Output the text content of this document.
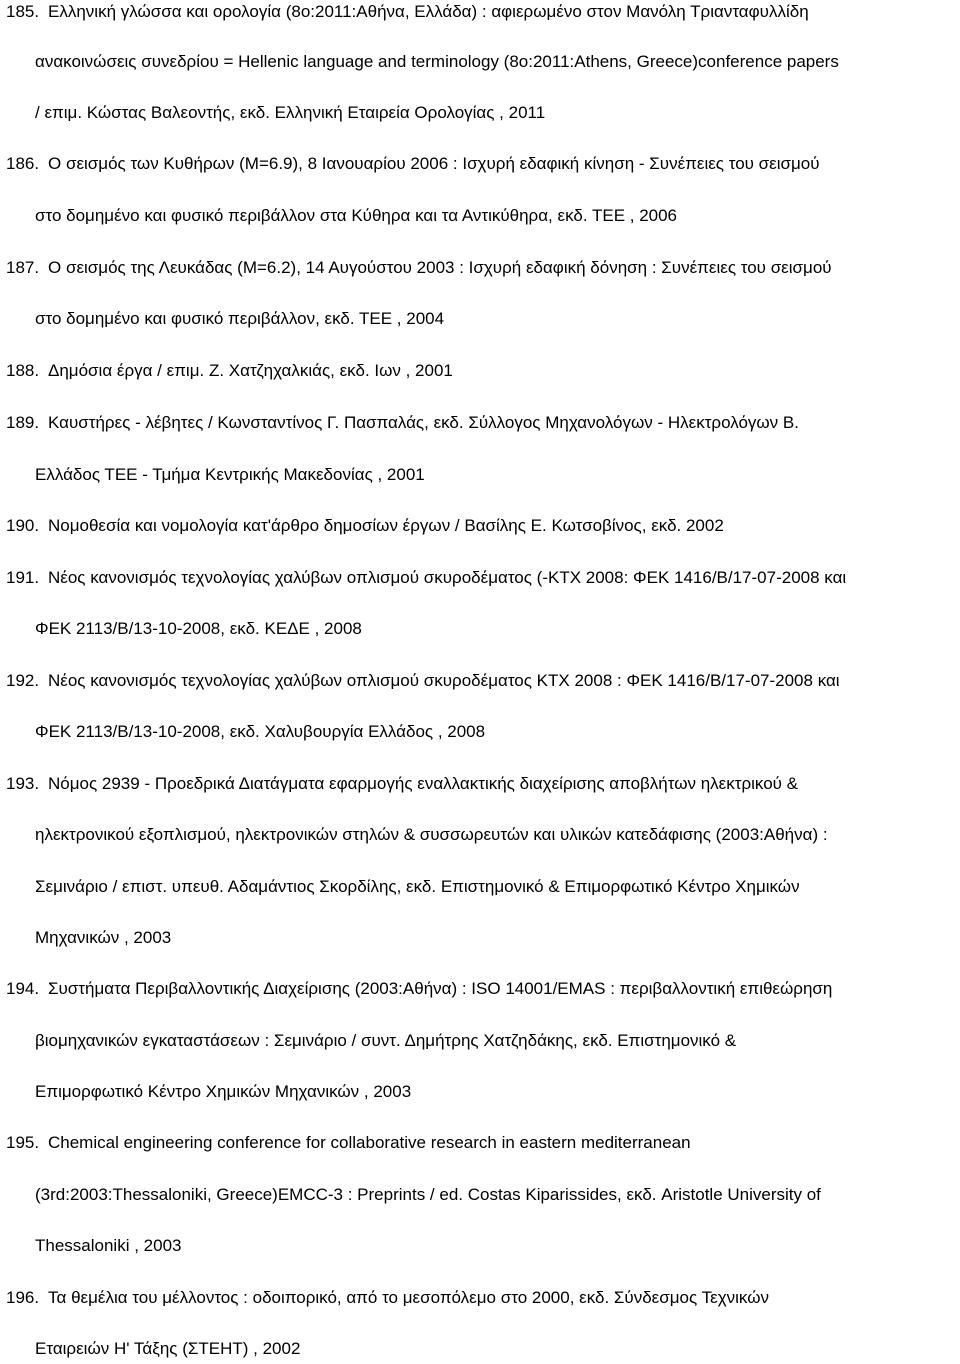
185. Ελληνική γλώσσα και ορολογία (8ο:2011:Αθήνα, Ελλάδα) : αφιερωμένο στον Μανόλη Τριανταφυλλίδη
ανακοινώσεις συνεδρίου = Hellenic language and terminology (8o:2011:Athens, Greece)conference papers
/ επιμ. Κώστας Βαλεοντής, εκδ. Ελληνική Εταιρεία Ορολογίας , 2011
186. Ο σεισμός των Κυθήρων (Μ=6.9), 8 Ιανουαρίου 2006 : Ισχυρή εδαφική κίνηση - Συνέπειες του σεισμού
στο δομημένο και φυσικό περιβάλλον στα Κύθηρα και τα Αντικύθηρα, εκδ. ΤΕΕ , 2006
187. Ο σεισμός της Λευκάδας (Μ=6.2), 14 Αυγούστου 2003 : Ισχυρή εδαφική δόνηση : Συνέπειες του σεισμού
στο δομημένο και φυσικό περιβάλλον, εκδ. ΤΕΕ , 2004
188. Δημόσια έργα / επιμ. Ζ. Χατζηχαλκιάς, εκδ. Ιων , 2001
189. Καυστήρες - λέβητες / Κωνσταντίνος Γ. Πασπαλάς, εκδ. Σύλλογος Μηχανολόγων - Ηλεκτρολόγων Β.
Ελλάδος ΤΕΕ - Τμήμα Κεντρικής Μακεδονίας , 2001
190. Νομοθεσία και νομολογία κατ'άρθρο δημοσίων έργων / Βασίλης Ε. Κωτσοβίνος, εκδ. 2002
191. Νέος κανονισμός τεχνολογίας χαλύβων οπλισμού σκυροδέματος (-ΚΤΧ 2008: ΦΕΚ 1416/Β/17-07-2008 και
ΦΕΚ 2113/Β/13-10-2008, εκδ. ΚΕΔΕ , 2008
192. Νέος κανονισμός τεχνολογίας χαλύβων οπλισμού σκυροδέματος ΚΤΧ 2008 : ΦΕΚ 1416/Β/17-07-2008 και
ΦΕΚ 2113/Β/13-10-2008, εκδ. Χαλυβουργία Ελλάδος , 2008
193. Νόμος 2939 - Προεδρικά Διατάγματα εφαρμογής εναλλακτικής διαχείρισης αποβλήτων ηλεκτρικού &
ηλεκτρονικού εξοπλισμού, ηλεκτρονικών στηλών & συσσωρευτών και υλικών κατεδάφισης (2003:Αθήνα) :
Σεμινάριο / επιστ. υπευθ. Αδαμάντιος Σκορδίλης, εκδ. Επιστημονικό & Επιμορφωτικό Κέντρο Χημικών
Μηχανικών , 2003
194. Συστήματα Περιβαλλοντικής Διαχείρισης (2003:Αθήνα) : ISO 14001/EMAS : περιβαλλοντική επιθεώρηση
βιομηχανικών εγκαταστάσεων : Σεμινάριο / συντ. Δημήτρης Χατζηδάκης, εκδ. Επιστημονικό &
Επιμορφωτικό Κέντρο Χημικών Μηχανικών , 2003
195. Chemical engineering conference for collaborative research in eastern mediterranean
(3rd:2003:Thessaloniki, Greece)EMCC-3 : Preprints / ed. Costas Kiparissides, εκδ. Aristotle University of
Thessaloniki , 2003
196. Τα θεμέλια του μέλλοντος : οδοιπορικό, από το μεσοπόλεμο στο 2000, εκδ. Σύνδεσμος Τεχνικών
Εταιρειών Η' Τάξης (ΣΤΕΗΤ) , 2002
